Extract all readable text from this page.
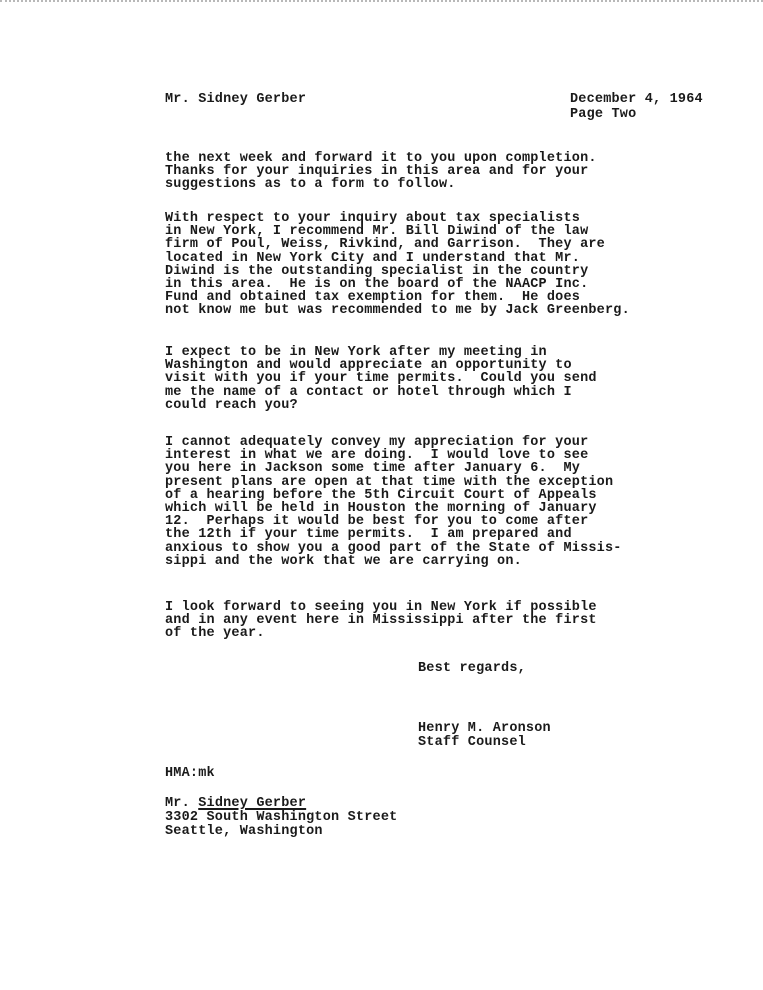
Mr. Sidney Gerber	December 4, 1964
Page Two
the next week and forward it to you upon completion.
Thanks for your inquiries in this area and for your
suggestions as to a form to follow.
With respect to your inquiry about tax specialists
in New York, I recommend Mr. Bill Diwind of the law
firm of Poul, Weiss, Rivkind, and Garrison.  They are
located in New York City and I understand that Mr.
Diwind is the outstanding specialist in the country
in this area.  He is on the board of the NAACP Inc.
Fund and obtained tax exemption for them.  He does
not know me but was recommended to me by Jack Greenberg.
I expect to be in New York after my meeting in
Washington and would appreciate an opportunity to
visit with you if your time permits.  Could you send
me the name of a contact or hotel through which I
could reach you?
I cannot adequately convey my appreciation for your
interest in what we are doing.  I would love to see
you here in Jackson some time after January 6.  My
present plans are open at that time with the exception
of a hearing before the 5th Circuit Court of Appeals
which will be held in Houston the morning of January
12.  Perhaps it would be best for you to come after
the 12th if your time permits.  I am prepared and
anxious to show you a good part of the State of Missis-
sippi and the work that we are carrying on.
I look forward to seeing you in New York if possible
and in any event here in Mississippi after the first
of the year.
Best regards,
Henry M. Aronson
Staff Counsel
HMA:mk
Mr. Sidney Gerber
3302 South Washington Street
Seattle, Washington
